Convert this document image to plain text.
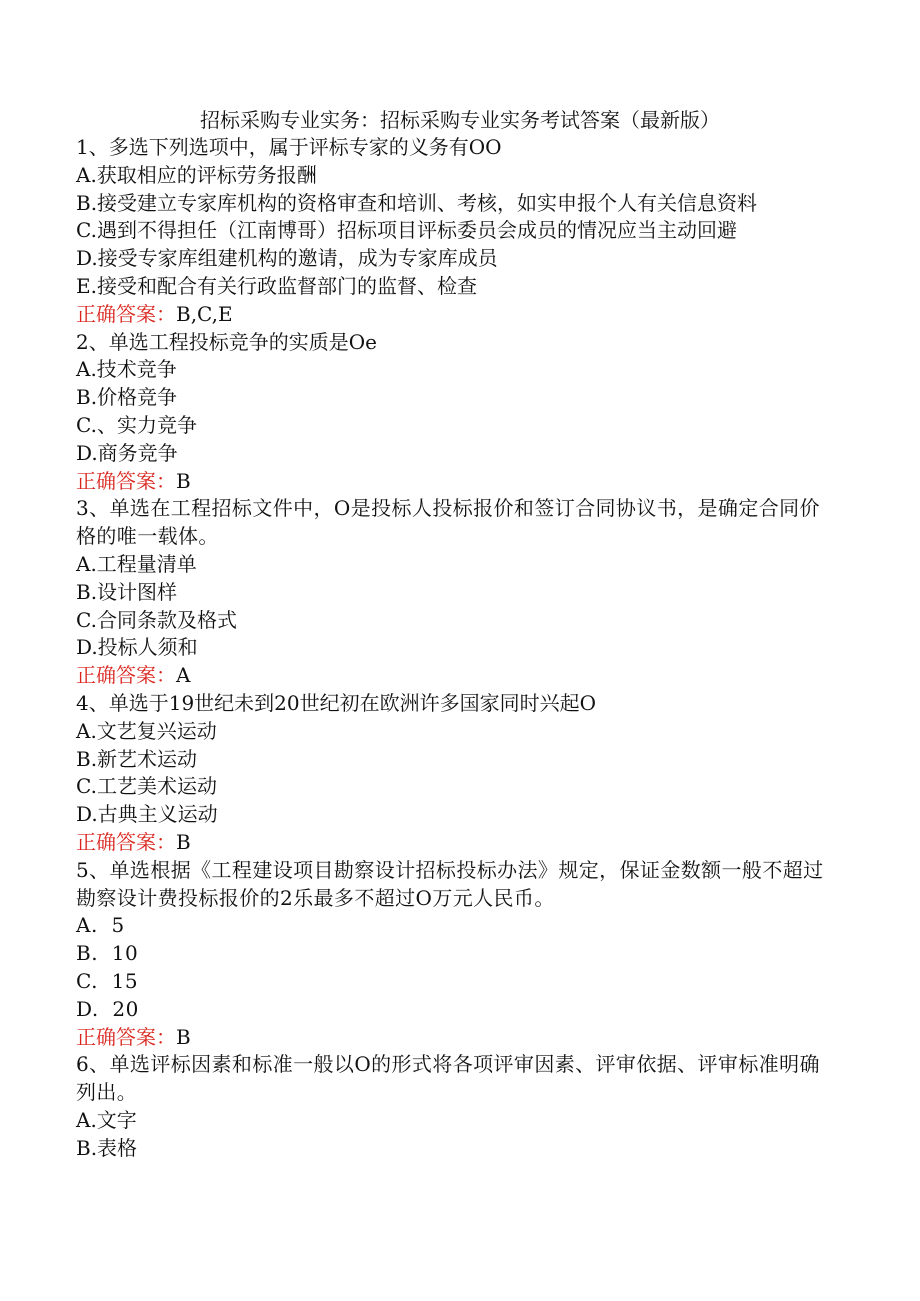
招标采购专业实务：招标采购专业实务考试答案（最新版）
1、多选下列选项中，属于评标专家的义务有OO
A.获取相应的评标劳务报酬
B.接受建立专家库机构的资格审查和培训、考核，如实申报个人有关信息资料
C.遇到不得担任（江南博哥）招标项目评标委员会成员的情况应当主动回避
D.接受专家库组建机构的邀请，成为专家库成员
E.接受和配合有关行政监督部门的监督、检查
正确答案：B,C,E
2、单选工程投标竞争的实质是Oe
A.技术竞争
B.价格竞争
C.、实力竞争
D.商务竞争
正确答案：B
3、单选在工程招标文件中，O是投标人投标报价和签订合同协议书，是确定合同价格的唯一载体。
A.工程量清单
B.设计图样
C.合同条款及格式
D.投标人须和
正确答案：A
4、单选于19世纪未到20世纪初在欧洲许多国家同时兴起O
A.文艺复兴运动
B.新艺术运动
C.工艺美术运动
D.古典主义运动
正确答案：B
5、单选根据《工程建设项目勘察设计招标投标办法》规定，保证金数额一般不超过勘察设计费投标报价的2乐最多不超过O万元人民币。
A.  5
B.  10
C.  15
D.  20
正确答案：B
6、单选评标因素和标准一般以O的形式将各项评审因素、评审依据、评审标准明确列出。
A.文字
B.表格
